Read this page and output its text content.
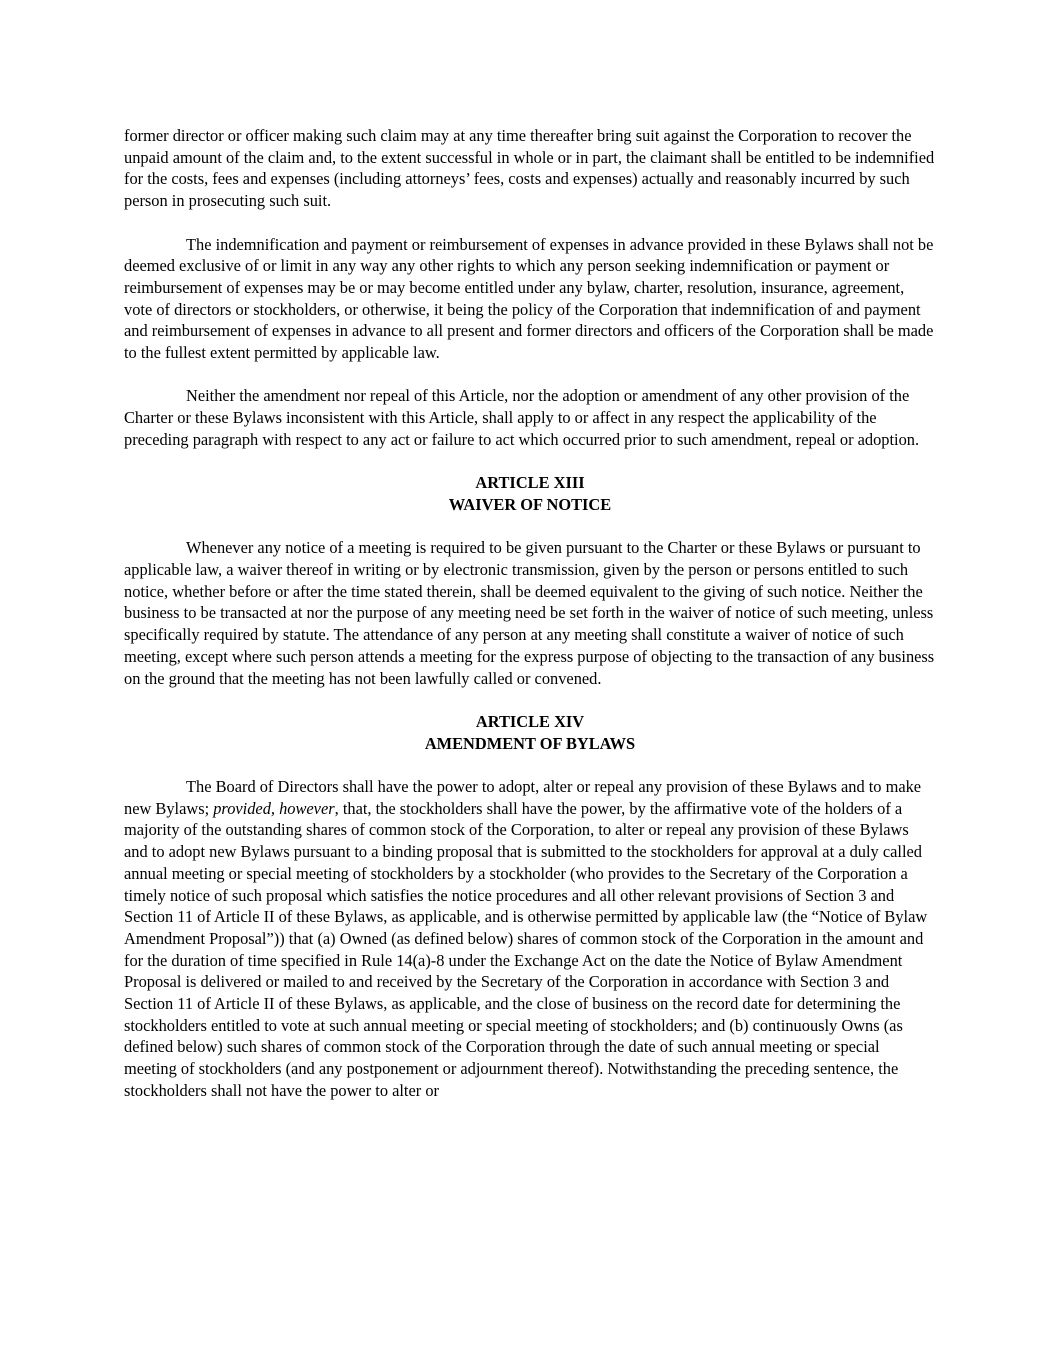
former director or officer making such claim may at any time thereafter bring suit against the Corporation to recover the unpaid amount of the claim and, to the extent successful in whole or in part, the claimant shall be entitled to be indemnified for the costs, fees and expenses (including attorneys’ fees, costs and expenses) actually and reasonably incurred by such person in prosecuting such suit.

The indemnification and payment or reimbursement of expenses in advance provided in these Bylaws shall not be deemed exclusive of or limit in any way any other rights to which any person seeking indemnification or payment or reimbursement of expenses may be or may become entitled under any bylaw, charter, resolution, insurance, agreement, vote of directors or stockholders, or otherwise, it being the policy of the Corporation that indemnification of and payment and reimbursement of expenses in advance to all present and former directors and officers of the Corporation shall be made to the fullest extent permitted by applicable law.

Neither the amendment nor repeal of this Article, nor the adoption or amendment of any other provision of the Charter or these Bylaws inconsistent with this Article, shall apply to or affect in any respect the applicability of the preceding paragraph with respect to any act or failure to act which occurred prior to such amendment, repeal or adoption.

ARTICLE XIII
WAIVER OF NOTICE

Whenever any notice of a meeting is required to be given pursuant to the Charter or these Bylaws or pursuant to applicable law, a waiver thereof in writing or by electronic transmission, given by the person or persons entitled to such notice, whether before or after the time stated therein, shall be deemed equivalent to the giving of such notice. Neither the business to be transacted at nor the purpose of any meeting need be set forth in the waiver of notice of such meeting, unless specifically required by statute. The attendance of any person at any meeting shall constitute a waiver of notice of such meeting, except where such person attends a meeting for the express purpose of objecting to the transaction of any business on the ground that the meeting has not been lawfully called or convened.

ARTICLE XIV
AMENDMENT OF BYLAWS

The Board of Directors shall have the power to adopt, alter or repeal any provision of these Bylaws and to make new Bylaws; provided, however, that, the stockholders shall have the power, by the affirmative vote of the holders of a majority of the outstanding shares of common stock of the Corporation, to alter or repeal any provision of these Bylaws and to adopt new Bylaws pursuant to a binding proposal that is submitted to the stockholders for approval at a duly called annual meeting or special meeting of stockholders by a stockholder (who provides to the Secretary of the Corporation a timely notice of such proposal which satisfies the notice procedures and all other relevant provisions of Section 3 and Section 11 of Article II of these Bylaws, as applicable, and is otherwise permitted by applicable law (the “Notice of Bylaw Amendment Proposal”)) that (a) Owned (as defined below) shares of common stock of the Corporation in the amount and for the duration of time specified in Rule 14(a)-8 under the Exchange Act on the date the Notice of Bylaw Amendment Proposal is delivered or mailed to and received by the Secretary of the Corporation in accordance with Section 3 and Section 11 of Article II of these Bylaws, as applicable, and the close of business on the record date for determining the stockholders entitled to vote at such annual meeting or special meeting of stockholders; and (b) continuously Owns (as defined below) such shares of common stock of the Corporation through the date of such annual meeting or special meeting of stockholders (and any postponement or adjournment thereof). Notwithstanding the preceding sentence, the stockholders shall not have the power to alter or
